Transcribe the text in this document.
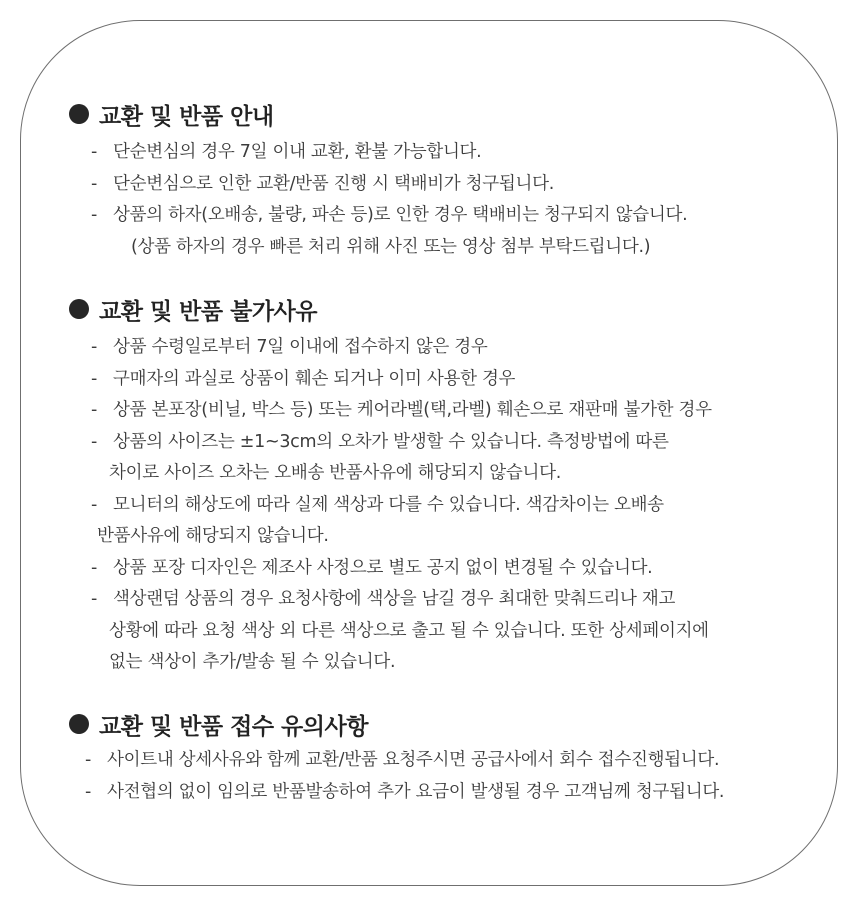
교환 및 반품 안내
- 단순변심의 경우 7일 이내 교환, 환불 가능합니다.
- 단순변심으로 인한 교환/반품 진행 시 택배비가 청구됩니다.
- 상품의 하자(오배송, 불량, 파손 등)로 인한 경우 택배비는 청구되지 않습니다.
(상품 하자의 경우 빠른 처리 위해 사진 또는 영상 첨부 부탁드립니다.)
교환 및 반품 불가사유
- 상품 수령일로부터 7일 이내에 접수하지 않은 경우
- 구매자의 과실로 상품이 훼손 되거나 이미 사용한 경우
- 상품 본포장(비닐, 박스 등) 또는 케어라벨(택,라벨) 훼손으로 재판매 불가한 경우
- 상품의 사이즈는 ±1~3cm의 오차가 발생할 수 있습니다. 측정방법에 따른
차이로 사이즈 오차는 오배송 반품사유에 해당되지 않습니다.
- 모니터의 해상도에 따라 실제 색상과 다를 수 있습니다. 색감차이는 오배송
반품사유에 해당되지 않습니다.
- 상품 포장 디자인은 제조사 사정으로 별도 공지 없이 변경될 수 있습니다.
- 색상랜덤 상품의 경우 요청사항에 색상을 남길 경우 최대한 맞춰드리나 재고
상황에 따라 요청 색상 외 다른 색상으로 출고 될 수 있습니다. 또한 상세페이지에
없는 색상이 추가/발송 될 수 있습니다.
교환 및 반품 접수 유의사항
- 사이트내 상세사유와 함께 교환/반품 요청주시면 공급사에서 회수 접수진행됩니다.
- 사전협의 없이 임의로 반품발송하여 추가 요금이 발생될 경우 고객님께 청구됩니다.
